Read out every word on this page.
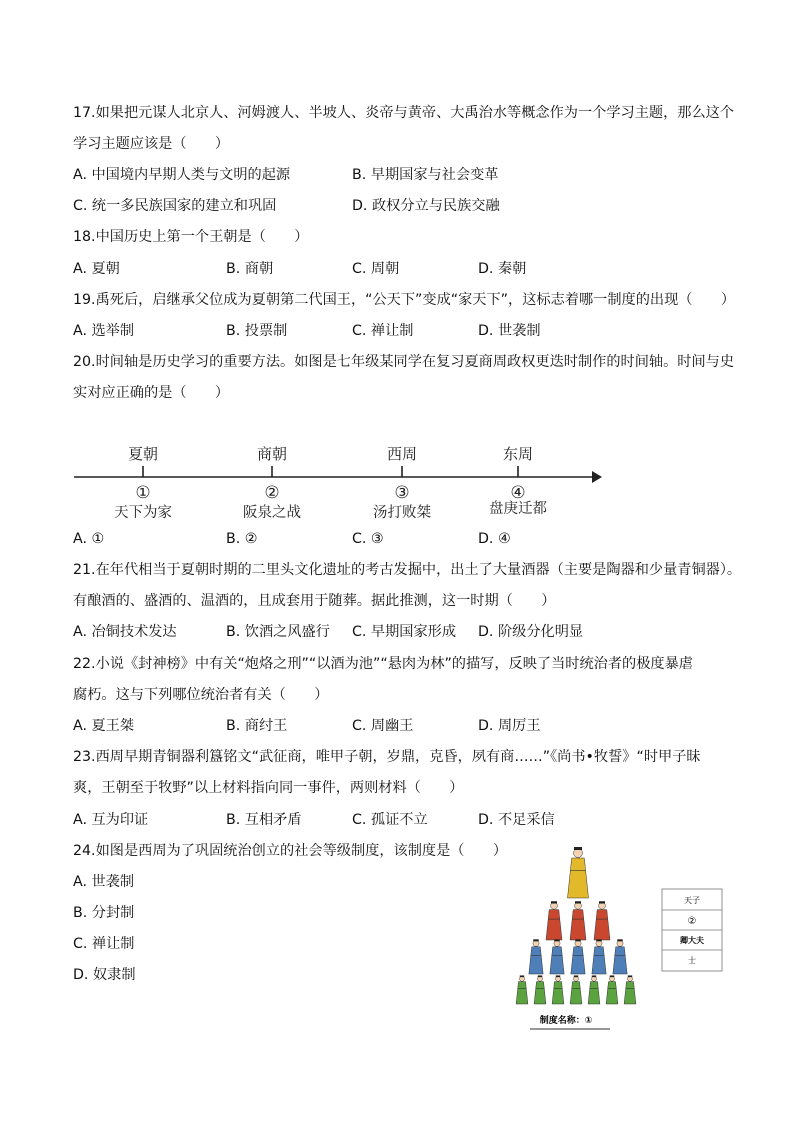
17.如果把元谋人北京人、河姆渡人、半坡人、炎帝与黄帝、大禹治水等概念作为一个学习主题，那么这个
学习主题应该是（　　）
A. 中国境内早期人类与文明的起源	B. 早期国家与社会变革
C. 统一多民族国家的建立和巩固	D. 政权分立与民族交融
18.中国历史上第一个王朝是（　　）
A. 夏朝	B. 商朝	C. 周朝	D. 秦朝
19.禹死后，启继承父位成为夏朝第二代国王，“公天下”变成“家天下”，这标志着哪一制度的出现（　　）
A. 选举制	B. 投票制	C. 禅让制	D. 世袭制
20.时间轴是历史学习的重要方法。如图是七年级某同学在复习夏商周政权更迭时制作的时间轴。时间与史
实对应正确的是（　　）
夏朝	商朝	西周	东周
①	②	③	④
天下为家	阪泉之战	汤打败桀	盘庚迁都
A. ①	B. ②	C. ③	D. ④
21.在年代相当于夏朝时期的二里头文化遗址的考古发掘中，出土了大量酒器（主要是陶器和少量青铜器）。
有酿酒的、盛酒的、温酒的，且成套用于随葬。据此推测，这一时期（　　）
A. 冶铜技术发达	B. 饮酒之风盛行 C. 早期国家形成 D. 阶级分化明显
22.小说《封神榜》中有关“炮烙之刑”“以酒为池”“悬肉为林”的描写，反映了当时统治者的极度暴虐
腐朽。这与下列哪位统治者有关（　　）
A. 夏王桀	B. 商纣王	C. 周幽王	D. 周厉王
23.西周早期青铜器利簋铭文“武征商，唯甲子朝，岁鼎，克昏，夙有商……”《尚书•牧誓》“时甲子昧
爽，王朝至于牧野”以上材料指向同一事件，两则材料（　　）
A. 互为印证	B. 互相矛盾	C. 孤证不立	D. 不足采信
24.如图是西周为了巩固统治创立的社会等级制度，该制度是（　　）
A. 世袭制
B. 分封制
C. 禅让制
D. 奴隶制
天子
②
卿大夫
士
制度名称：①
